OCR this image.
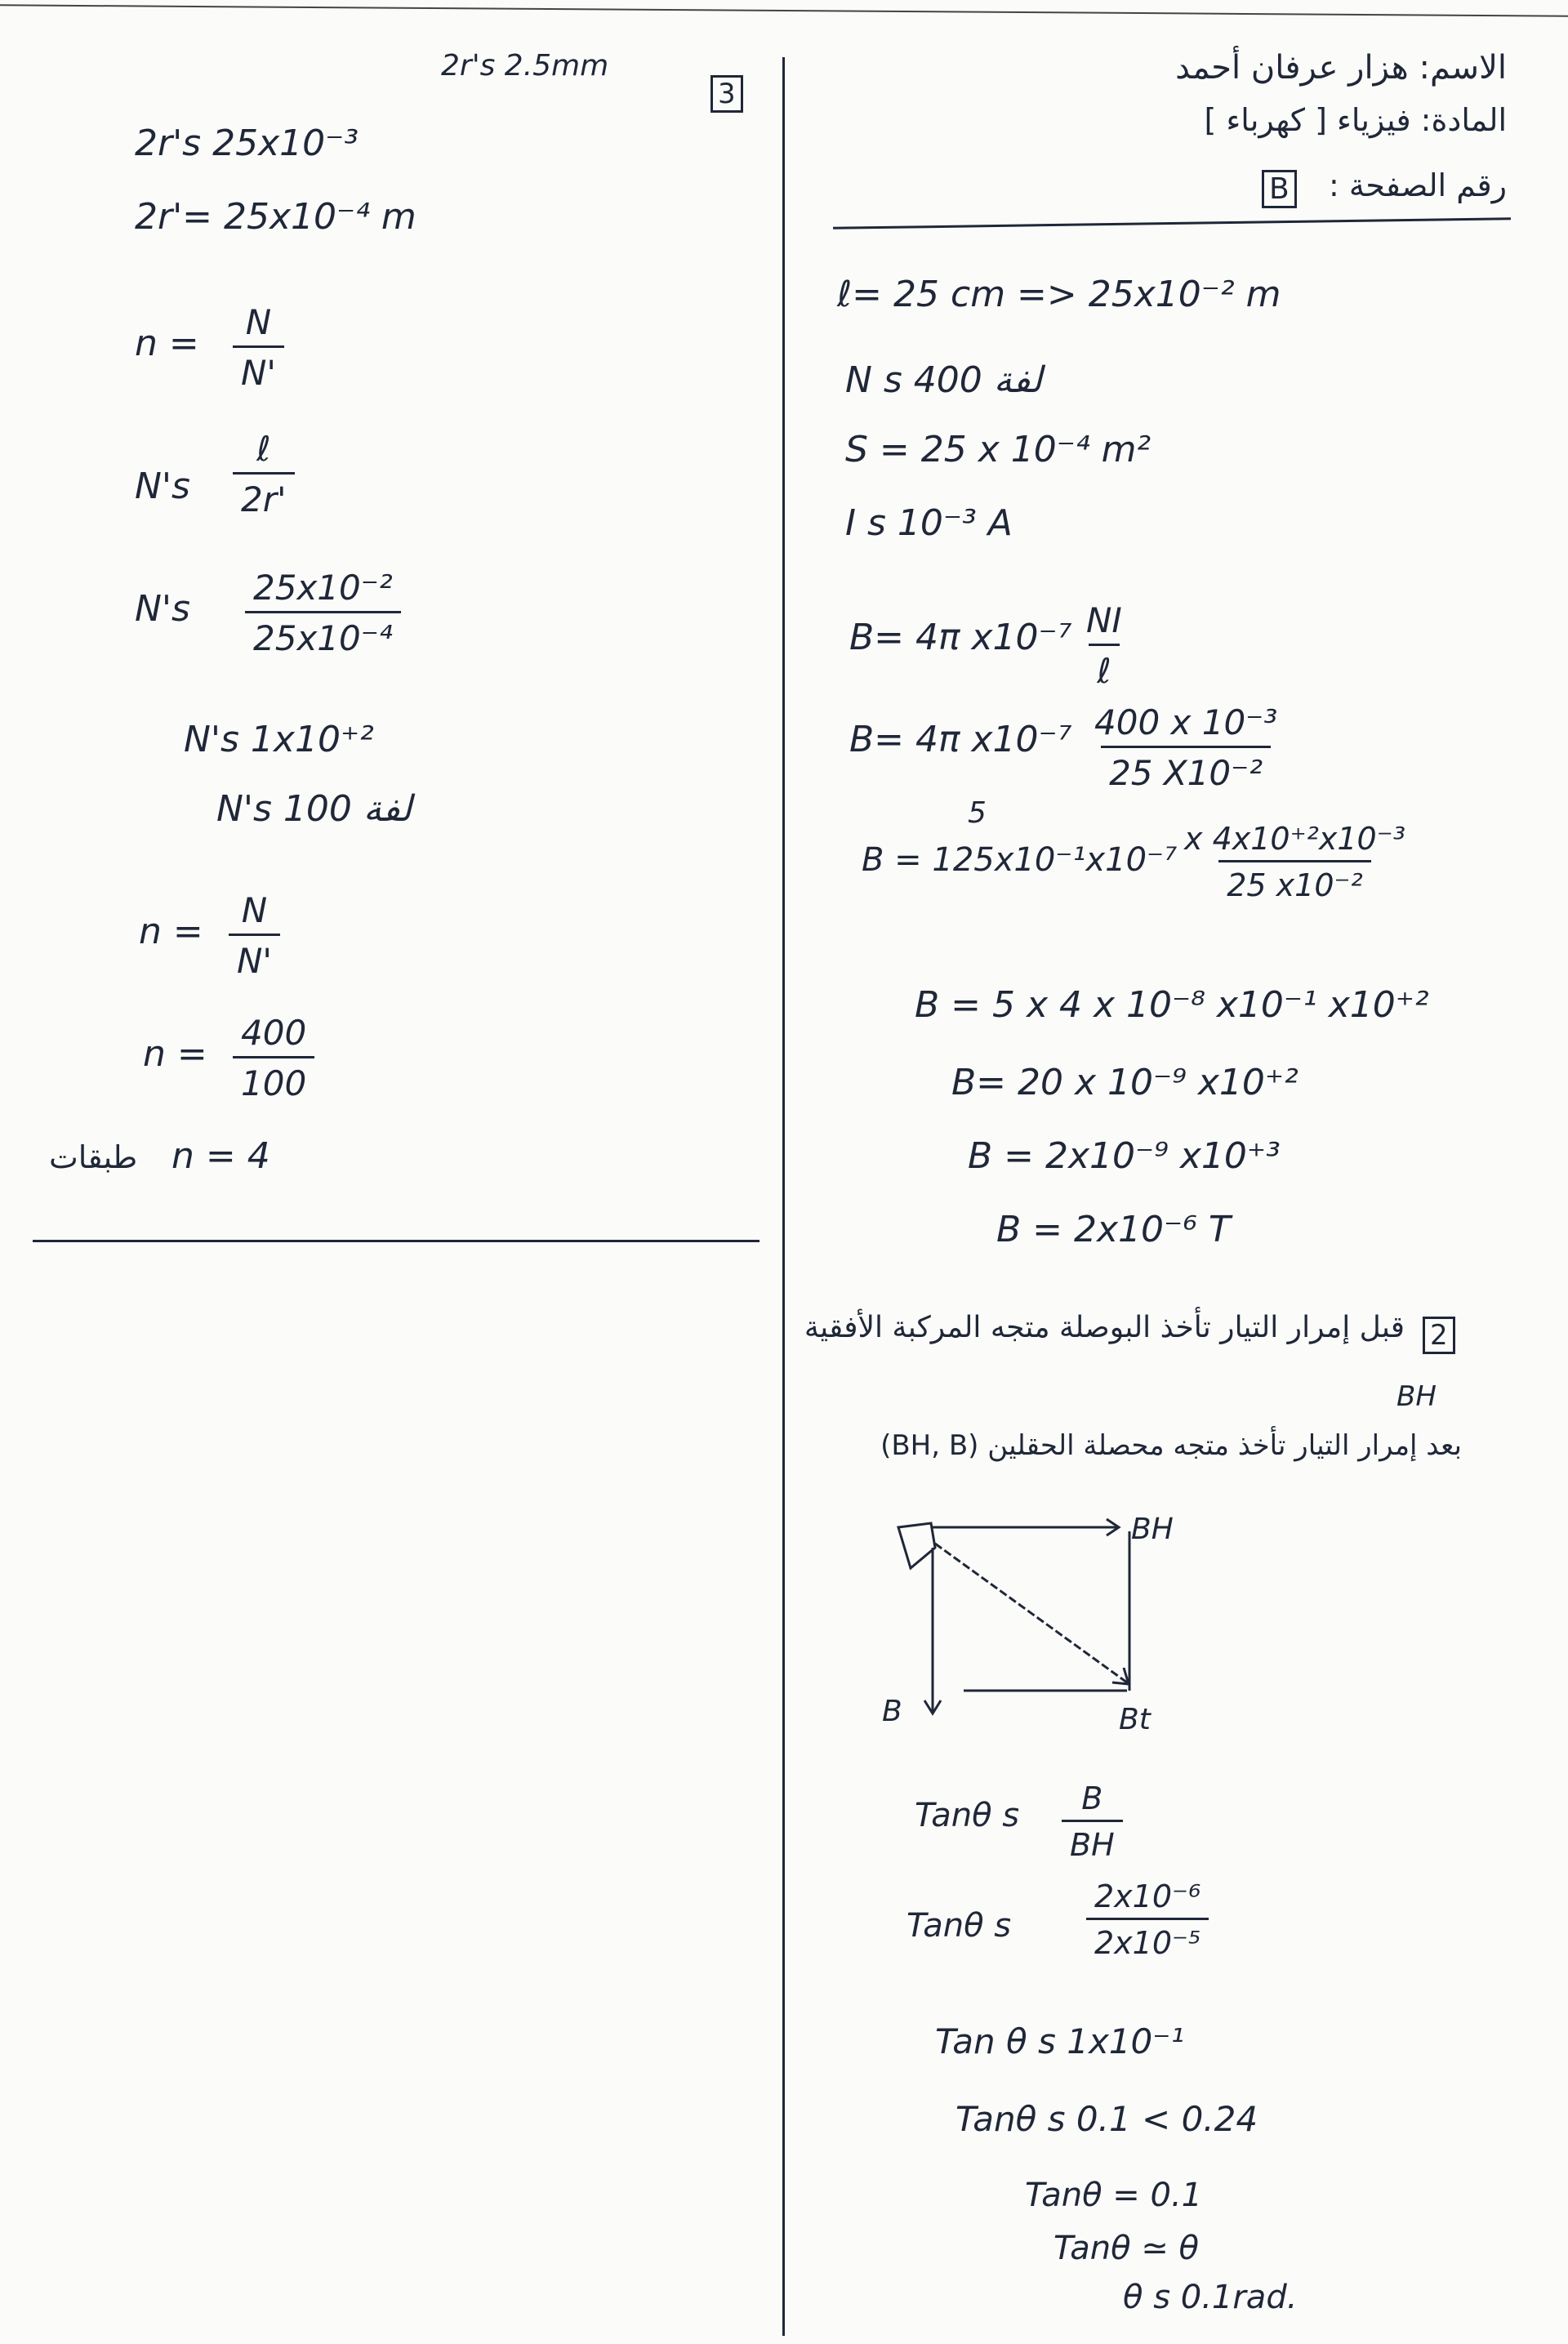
الاسم: هزار عرفان أحمد
المادة: فيزياء [ كهرباء ]
رقم الصفحة :
B
3
2r's 2.5mm
2r's 25x10⁻³
2r'= 25x10⁻⁴ m
$n = \frac{N}{N'}$
N's
ℓ
2r'
$N's \frac{\text{25x10⁻²}}{\text{25x10⁻⁴}}$
N's 1x10⁺²
N's 100 لفة
$n = \frac{N}{N'}$
$n = \frac{400}{100}$
n = 4
طبقات
ℓ= 25 cm => 25x10⁻² m
N s 400 لفة
S = 25 x 10⁻⁴ m²
I s 10⁻³ A
B= 4π x10⁻⁷ NI
ℓ
B= 4π $x10^{-7} \frac{\text{400 x 10⁻³}}{\text{25 X10⁻²}}$
5
B = 125x10⁻¹x10⁻⁷
$\frac{\text{x 4x10⁺²x10⁻³}}{\text{25 x10⁻²}}$
B = 5 x 4 x 10⁻⁸ x10⁻¹ x10⁺²
B= 20 x 10⁻⁹ x10⁺²
B = 2x10⁻⁹ x10⁺³
B = 2x10⁻⁶ T
2
قبل إمرار التيار تأخذ البوصلة متجه المركبة الأفقية
BH
بعد إمرار التيار تأخذ متجه محصلة الحقلين (BH, B)
BH
B	Bt
Tanθ s $\frac{B}{BH}$
Tanθ s $\frac{\text{2x10⁻⁶}}{\text{2x10⁻⁵}}$
Tan θ s 1x10⁻¹
Tanθ s 0.1 < 0.24
Tanθ = 0.1
Tanθ ≃ θ
θ s 0.1rad.
